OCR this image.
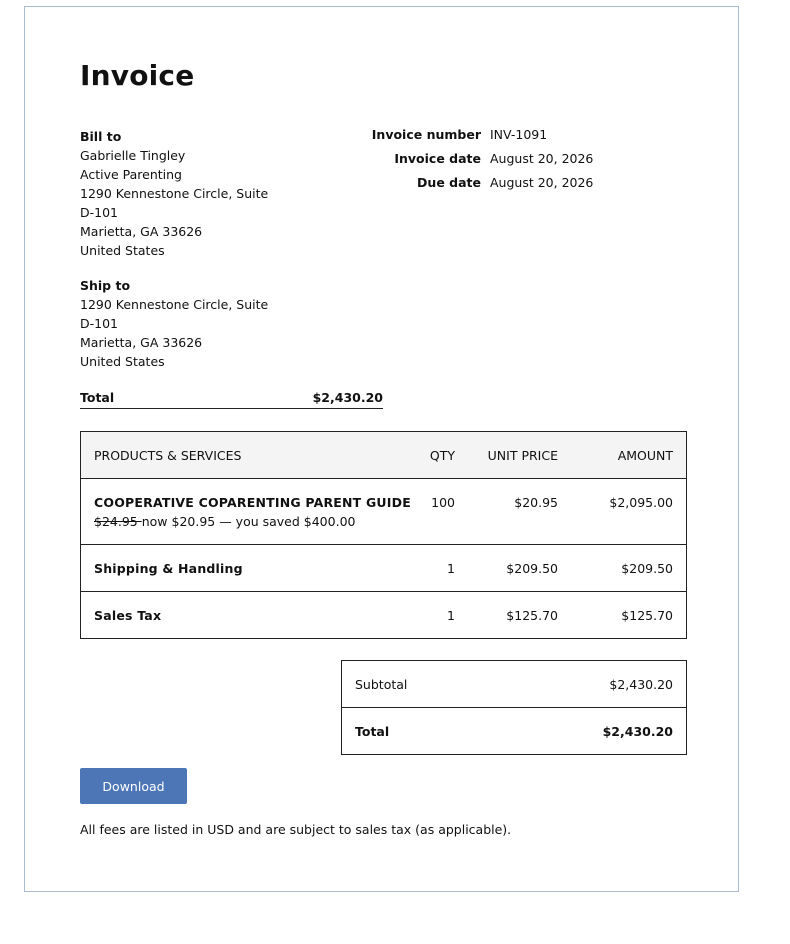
Invoice
Bill to
Gabrielle Tingley
Active Parenting
1290 Kennestone Circle, Suite D-101
Marietta, GA 33626
United States
Ship to
1290 Kennestone Circle, Suite D-101
Marietta, GA 33626
United States
Invoice number	INV-1091
Invoice date	August 20, 2026
Due date	August 20, 2026
Total	$2,430.20
PRODUCTS & SERVICES	QTY	UNIT PRICE	AMOUNT
COOPERATIVE COPARENTING PARENT GUIDE 100	$20.95	$2,095.00
$24.95 now $20.95 — you saved $400.00
Shipping & Handling	1	$209.50	$209.50
Sales Tax	1	$125.70	$125.70
Subtotal	$2,430.20
Total	$2,430.20
Download
All fees are listed in USD and are subject to sales tax (as applicable).
